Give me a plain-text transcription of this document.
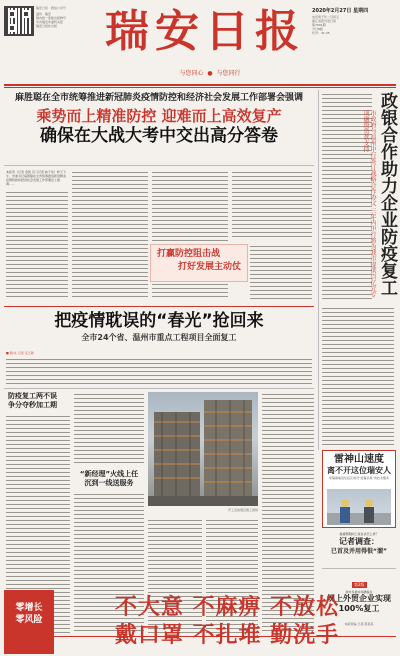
瑞安日报 · 微信公众号
温州 · 瑞安
国内统一连续出版物号
中共瑞安市委机关报
瑞安日报社出版	瑞安日报
与您同心  ●  与您同行
2020年2月27日 星期四
农历庚子年二月初五
浙江省报刊发行局
第7001期
今日8版
代号：31-35
麻胜聪在全市统筹推进新冠肺炎疫情防控和经济社会发展工作部署会强调
乘势而上精准防控 迎难而上高效复产
确保在大战大考中交出高分答卷
本报讯（记者 金凯 见习记者 林子亮）昨天下午，市委书记麻胜聪在全市统筹推进新冠肺炎疫情防控和经济社会发展工作部署会上强调……
打赢防控阻击战
打好发展主动仗	政银合作助力企业防疫复工
市政府与温州中行签订战略合作协议 三年内中行将为我市提供百亿元专项融资贷款支持
把疫情耽误的“春光”抢回来
全市24个省、温州市重点工程项目全面复工
■ 图/文 记者 毛王敏
防疫复工两不误 争分夺秒加工期
“新经理”火线上任 沉到一线送服务
开工后的项目施工现场
雷神山速度
离不开这位瑞安人
荣瑞幕墙进驻疫区建设“疫魔杀星”的技术服务
做援鄂期间上班自杀怎么样？
记者调查：
已首及并用得很“溜”
第2版
我市多措并举确保在
规上外贸企业实现 100%复工
本版责编 王某 陈某某
零增长
零风险	不大意 不麻痹 不放松
戴口罩 不扎堆 勤洗手
